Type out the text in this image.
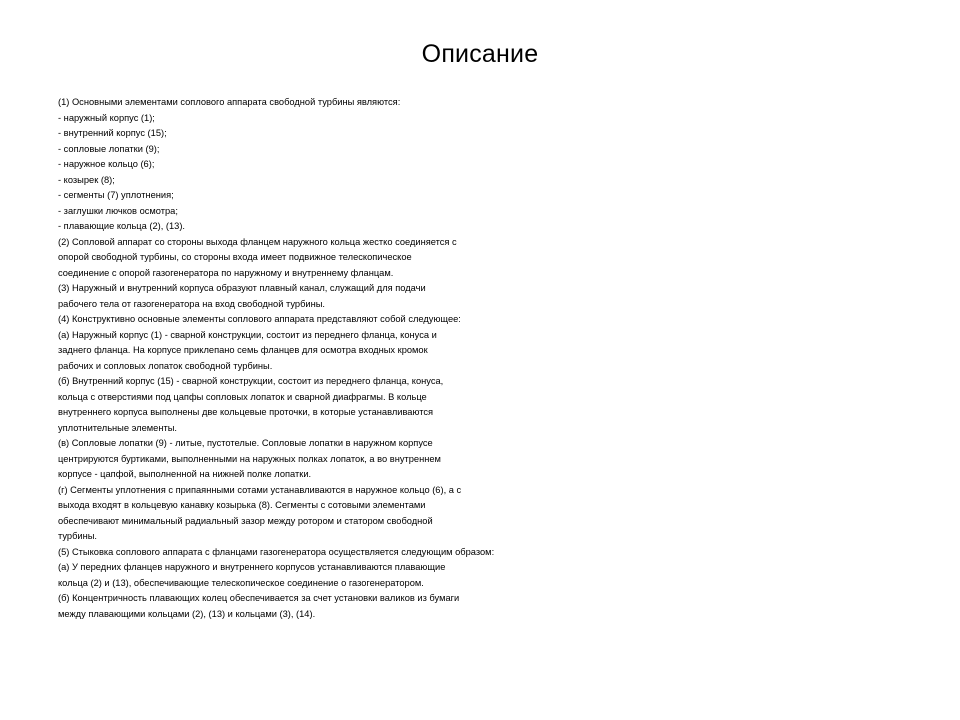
Описание
(1) Основными элементами соплового аппарата свободной турбины являются:
- наружный корпус (1);
- внутренний корпус (15);
- сопловые лопатки (9);
- наружное кольцо (6);
- козырек (8);
- сегменты (7) уплотнения;
- заглушки лючков осмотра;
- плавающие кольца (2), (13).
(2) Сопловой аппарат со стороны выхода фланцем наружного кольца жестко соединяется с
опорой свободной турбины, со стороны входа имеет подвижное телескопическое
соединение с опорой газогенератора по наружному и внутреннему фланцам.
(3) Наружный и внутренний корпуса образуют плавный канал, служащий для подачи
рабочего тела от газогенератора на вход свободной турбины.
(4) Конструктивно основные элементы соплового аппарата представляют собой следующее:
(а) Наружный корпус (1) - сварной конструкции, состоит из переднего фланца, конуса и
заднего фланца. На корпусе приклепано семь фланцев для осмотра входных кромок
рабочих и сопловых лопаток свободной турбины.
(б) Внутренний корпус (15) - сварной конструкции, состоит из переднего фланца, конуса,
кольца с отверстиями под цапфы сопловых лопаток и сварной диафрагмы. В кольце
внутреннего корпуса выполнены две кольцевые проточки, в которые устанавливаются
уплотнительные элементы.
(в) Сопловые лопатки (9) - литые, пустотелые. Сопловые лопатки в наружном корпусе
центрируются буртиками, выполненными на наружных полках лопаток, а во внутреннем
корпусе - цапфой, выполненной на нижней полке лопатки.
(г) Сегменты уплотнения с припаянными сотами устанавливаются в наружное кольцо (6), а с
выхода входят в кольцевую канавку козырька (8). Сегменты с сотовыми элементами
обеспечивают минимальный радиальный зазор между ротором и статором свободной
турбины.
(5) Стыковка соплового аппарата с фланцами газогенератора осуществляется следующим образом:
(а) У передних фланцев наружного и внутреннего корпусов устанавливаются плавающие
кольца (2) и (13), обеспечивающие телескопическое соединение о газогенератором.
(б) Концентричность плавающих колец обеспечивается за счет установки валиков из бумаги
между плавающими кольцами (2), (13) и кольцами (3), (14).
